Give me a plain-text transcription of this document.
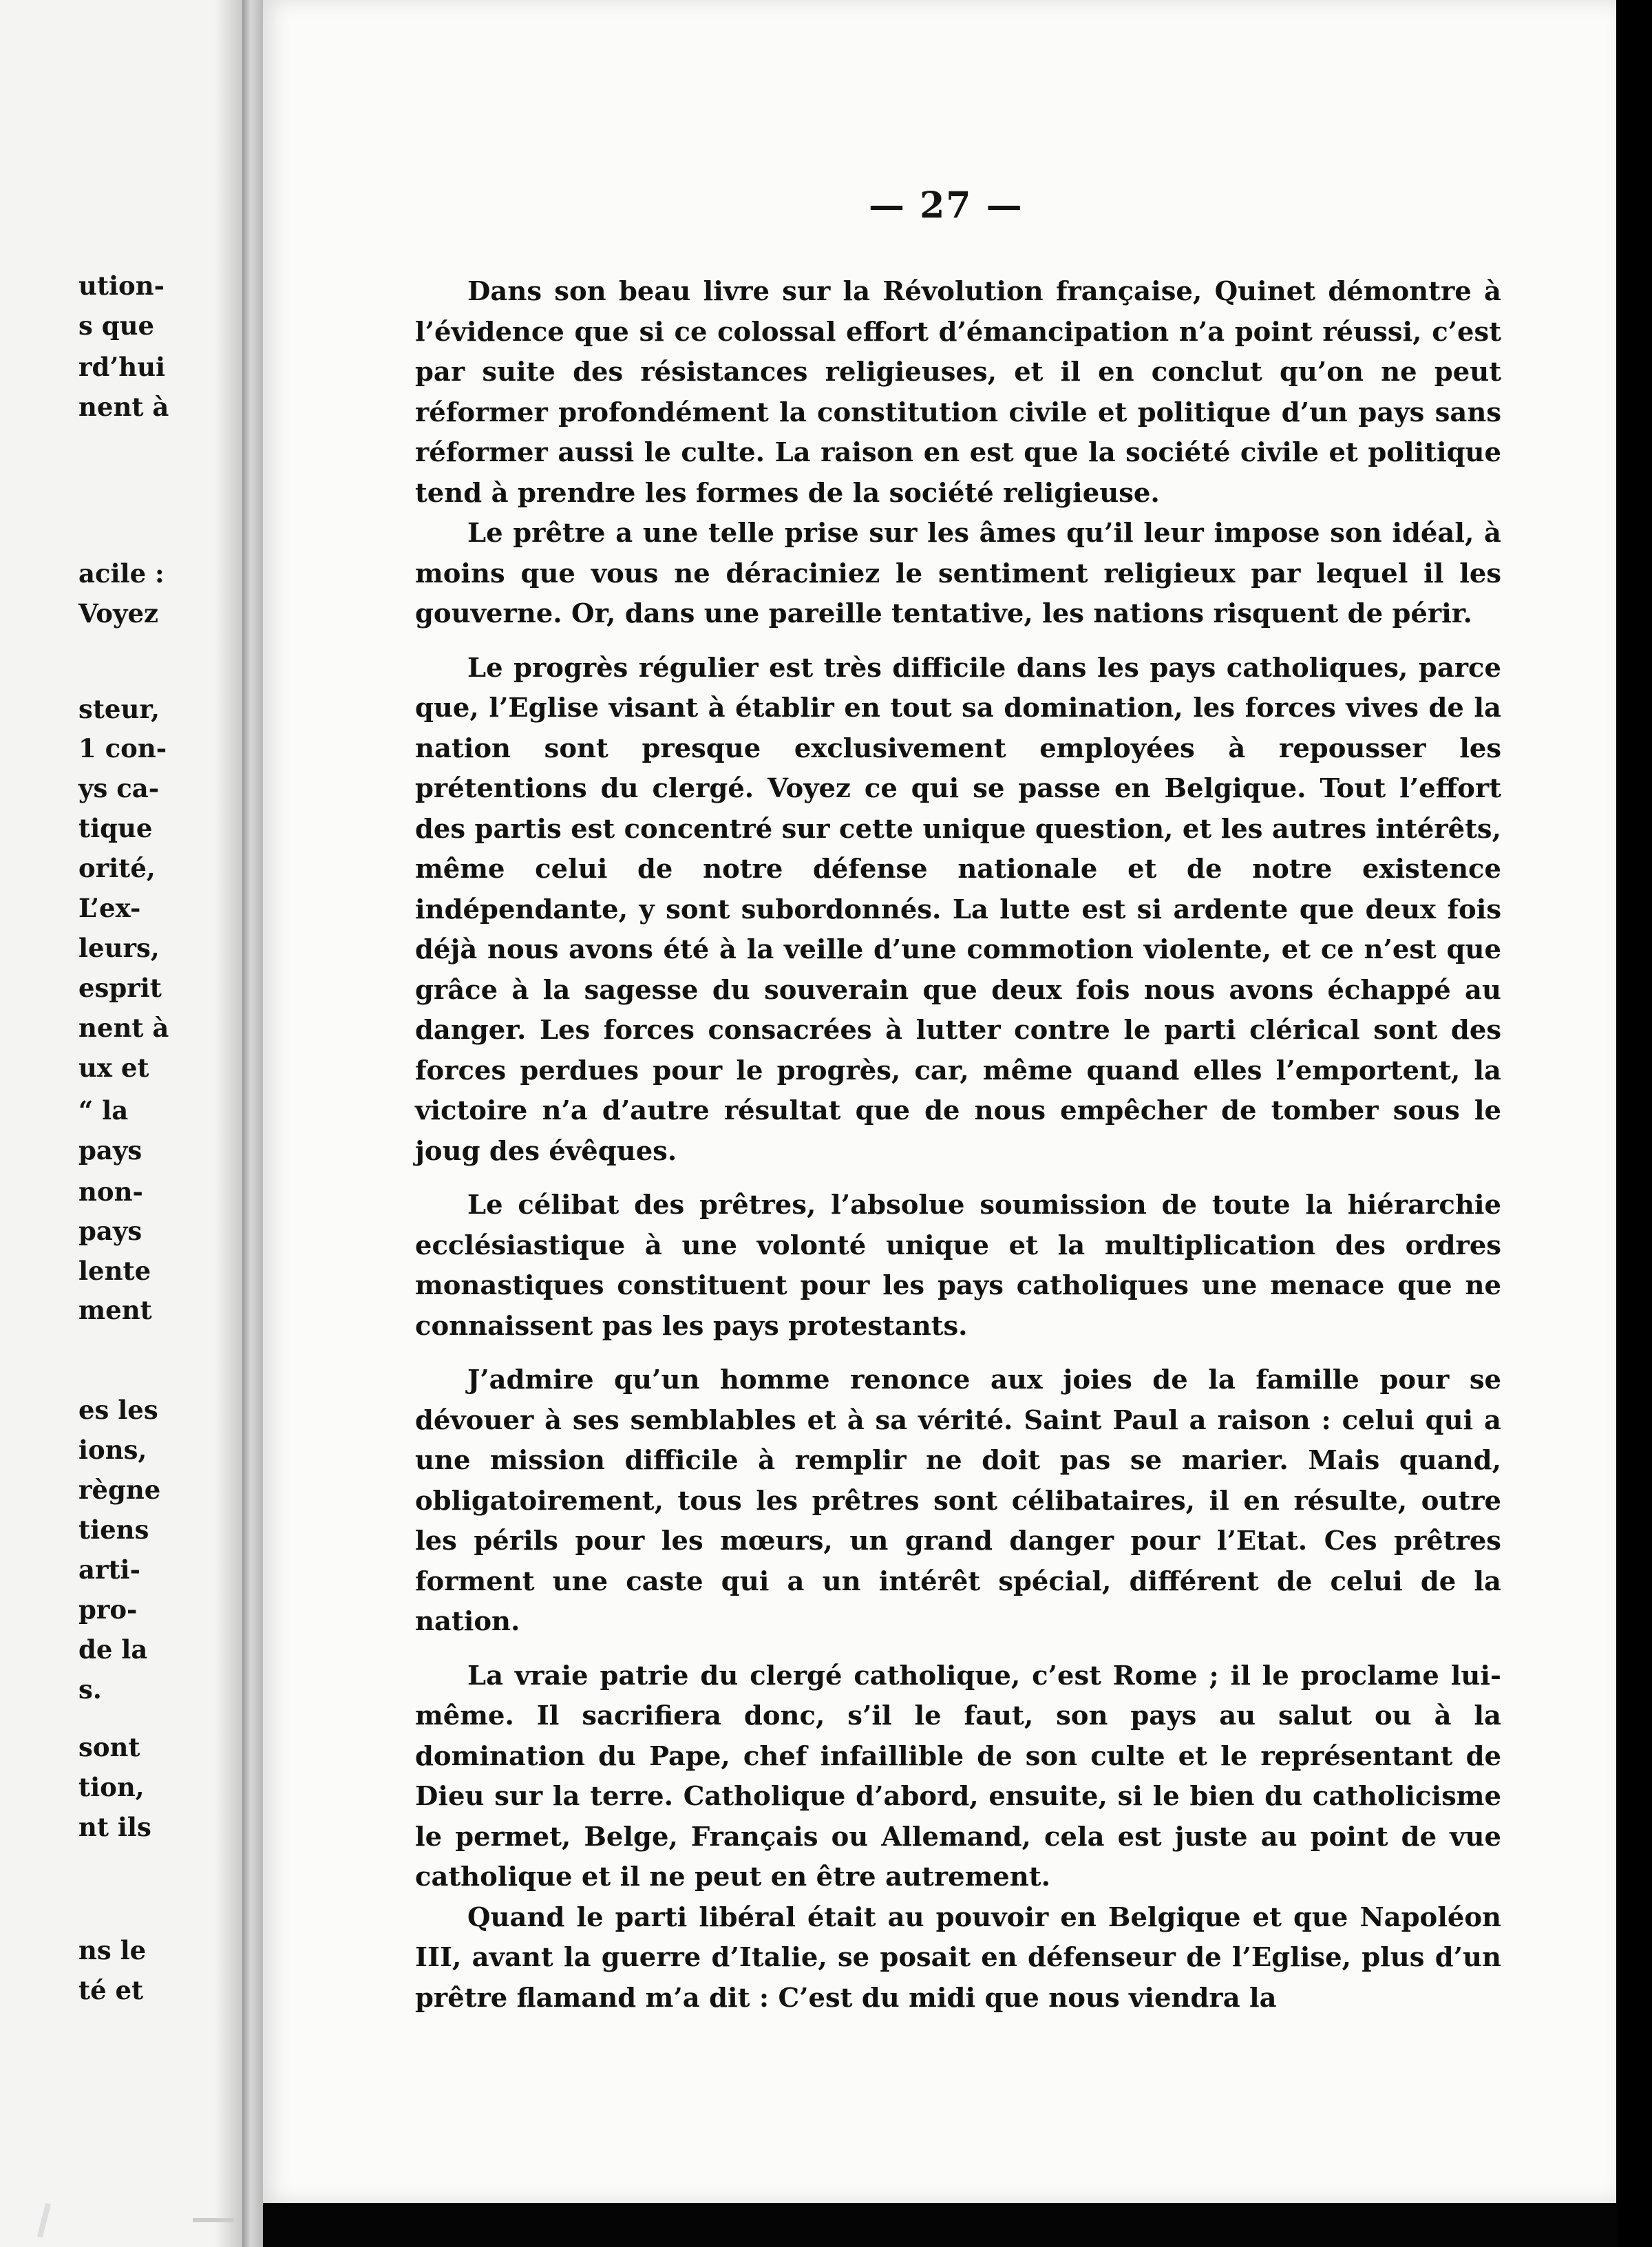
ution-
s que
rd’hui
nent à
acile :
Voyez
steur,
1 con-
ys ca-
tique
orité,
L’ex-
leurs,
esprit
nent à
ux et
“ la
pays
non-
pays
lente
ment
es les
ions,
règne
tiens
arti-
pro-
de la
s.
sont
tion,
nt ils
ns le
té et
— 27 —

Dans son beau livre sur la Révolution française, Quinet démontre à l’évidence que si ce colossal effort d’émancipation n’a point réussi, c’est par suite des résistances religieuses, et il en conclut qu’on ne peut réformer profondément la constitution civile et politique d’un pays sans réformer aussi le culte. La raison en est que la société civile et politique tend à prendre les formes de la société religieuse.

Le prêtre a une telle prise sur les âmes qu’il leur impose son idéal, à moins que vous ne déraciniez le sentiment religieux par lequel il les gouverne. Or, dans une pareille tentative, les nations risquent de périr.

Le progrès régulier est très difficile dans les pays catholiques, parce que, l’Eglise visant à établir en tout sa domination, les forces vives de la nation sont presque exclusivement employées à repousser les prétentions du clergé. Voyez ce qui se passe en Belgique. Tout l’effort des partis est concentré sur cette unique question, et les autres intérêts, même celui de notre défense nationale et de notre existence indépendante, y sont subordonnés. La lutte est si ardente que deux fois déjà nous avons été à la veille d’une commotion violente, et ce n’est que grâce à la sagesse du souverain que deux fois nous avons échappé au danger. Les forces consacrées à lutter contre le parti clérical sont des forces perdues pour le progrès, car, même quand elles l’emportent, la victoire n’a d’autre résultat que de nous empêcher de tomber sous le joug des évêques.

Le célibat des prêtres, l’absolue soumission de toute la hiérarchie ecclésiastique à une volonté unique et la multiplication des ordres monastiques constituent pour les pays catholiques une menace que ne connaissent pas les pays protestants.

J’admire qu’un homme renonce aux joies de la famille pour se dévouer à ses semblables et à sa vérité. Saint Paul a raison : celui qui a une mission difficile à remplir ne doit pas se marier. Mais quand, obligatoirement, tous les prêtres sont célibataires, il en résulte, outre les périls pour les mœurs, un grand danger pour l’Etat. Ces prêtres forment une caste qui a un intérêt spécial, différent de celui de la nation.

La vraie patrie du clergé catholique, c’est Rome ; il le proclame lui-même. Il sacrifiera donc, s’il le faut, son pays au salut ou à la domination du Pape, chef infaillible de son culte et le représentant de Dieu sur la terre. Catholique d’abord, ensuite, si le bien du catholicisme le permet, Belge, Français ou Allemand, cela est juste au point de vue catholique et il ne peut en être autrement.

Quand le parti libéral était au pouvoir en Belgique et que Napoléon III, avant la guerre d’Italie, se posait en défenseur de l’Eglise, plus d’un prêtre flamand m’a dit : C’est du midi que nous viendra la
